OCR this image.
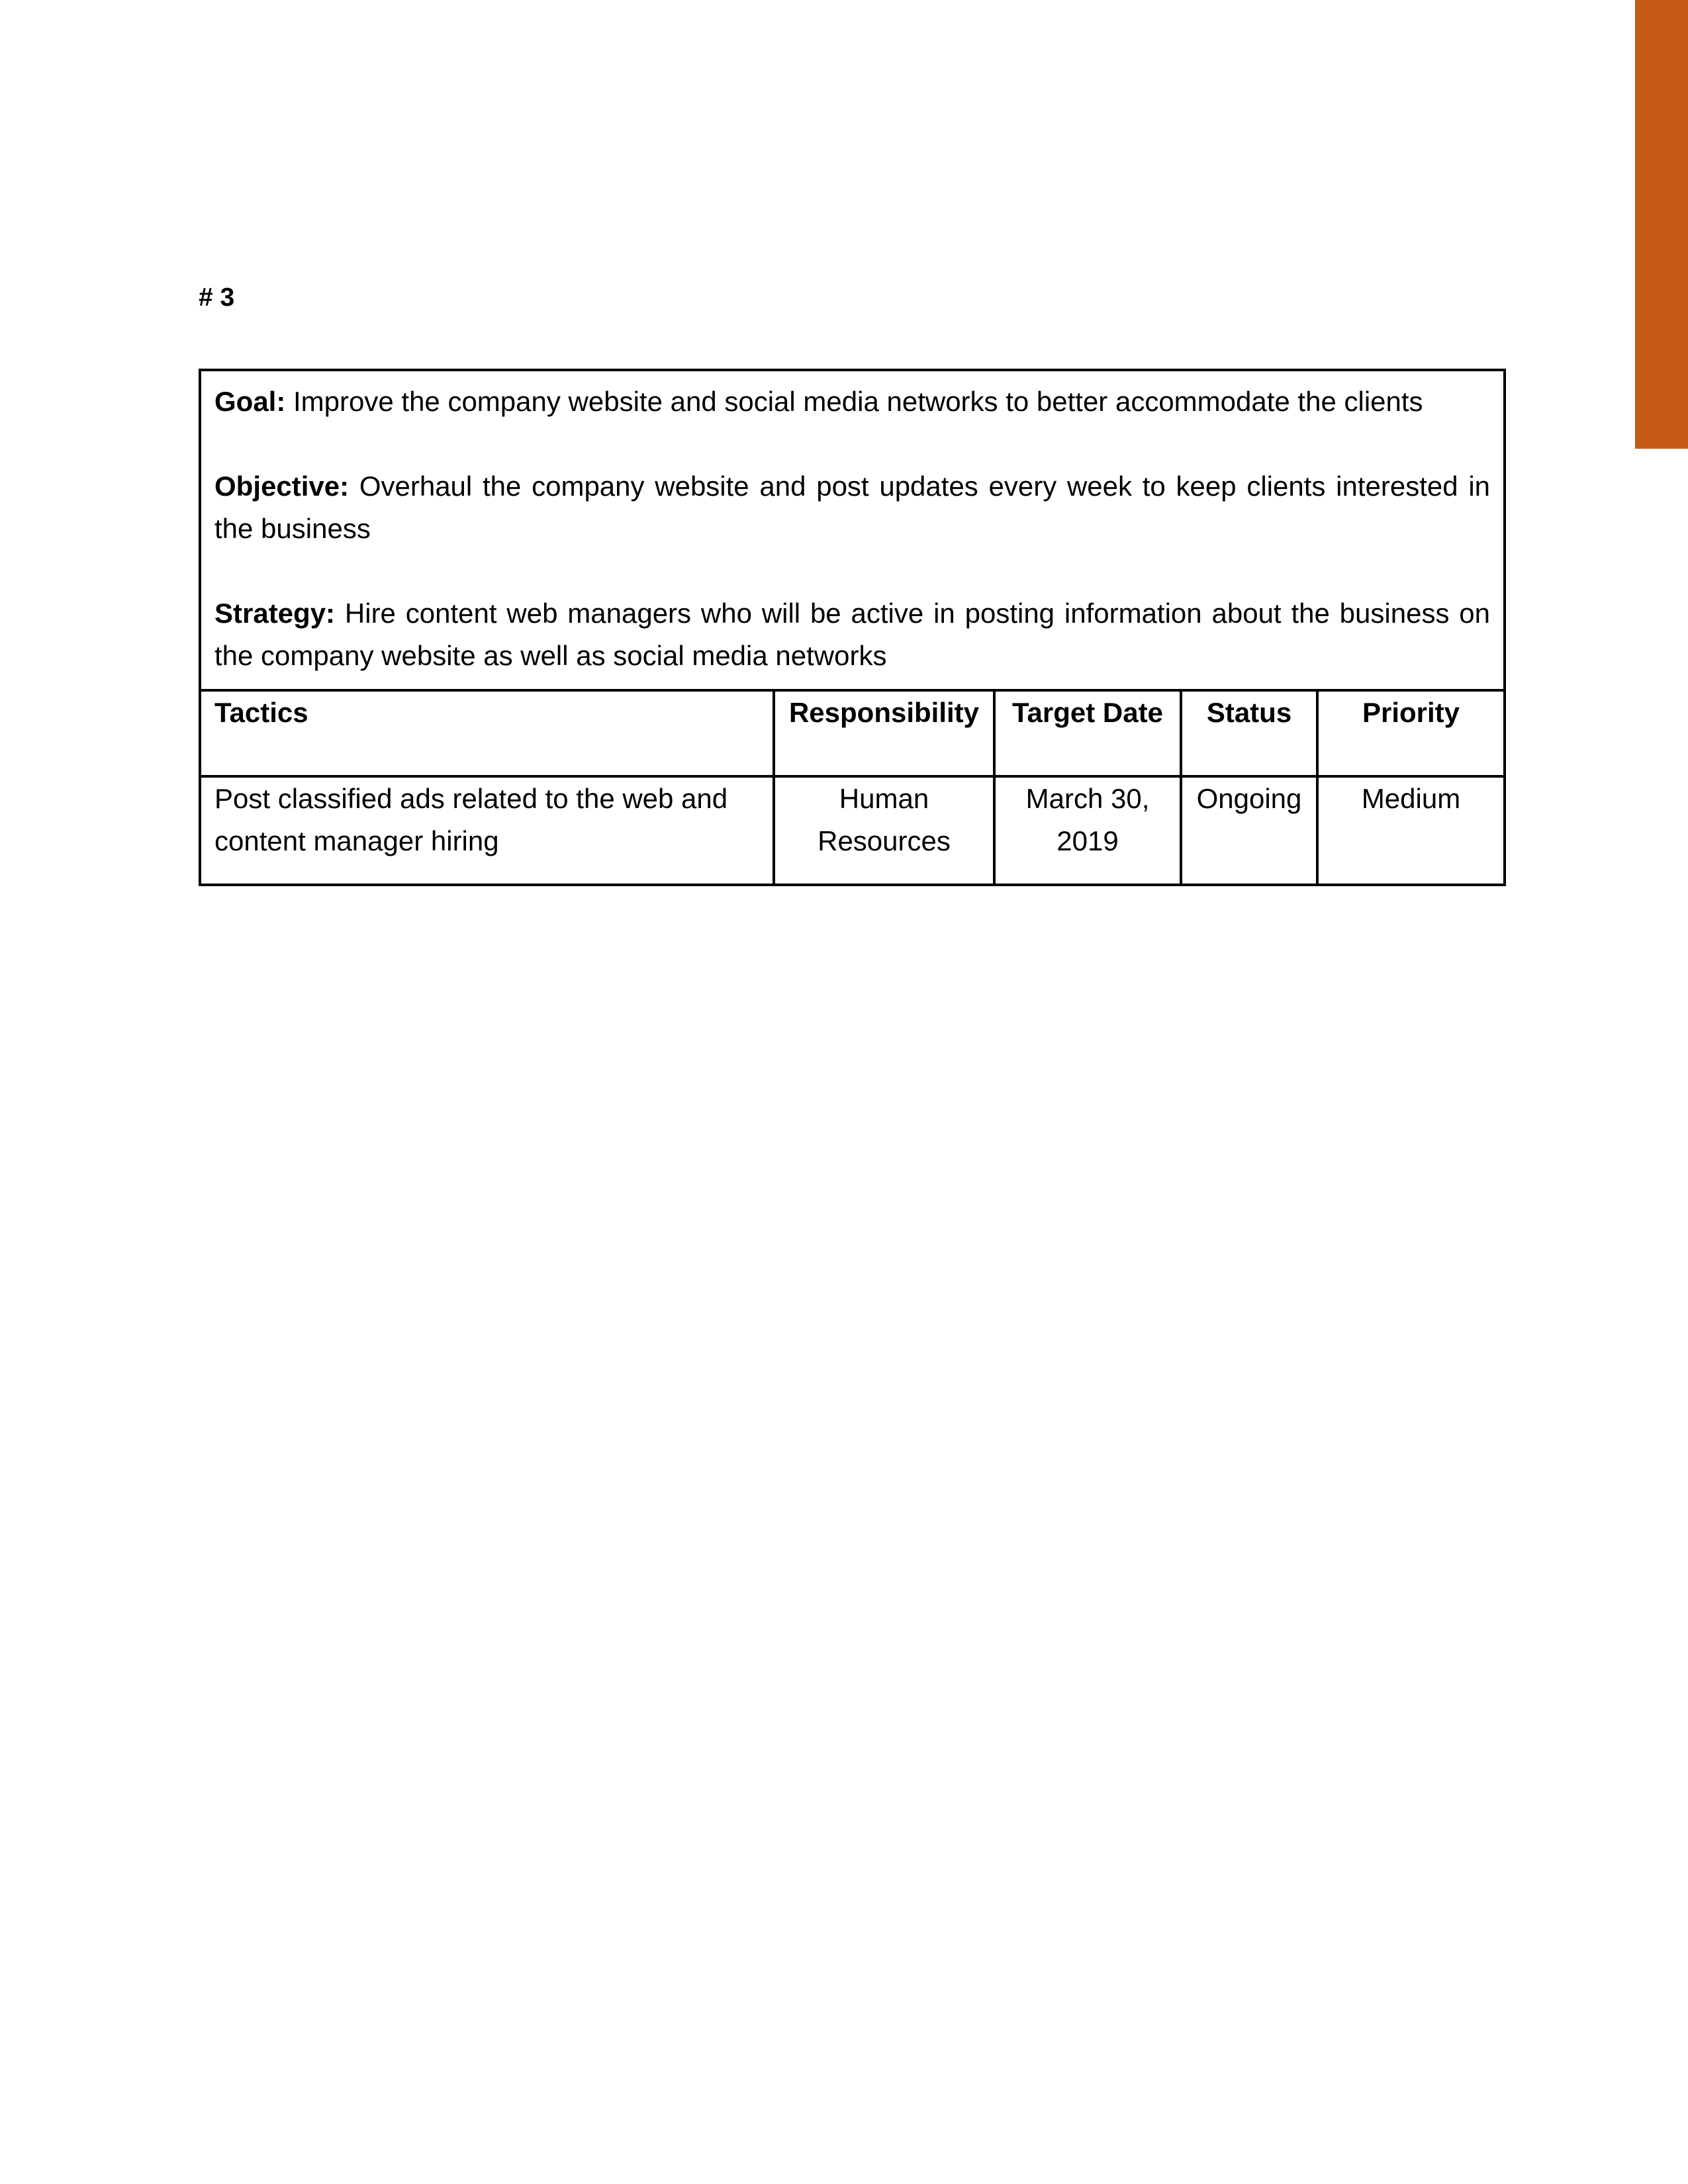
# 3

Goal: Improve the company website and social media networks to better accommodate the clients

Objective: Overhaul the company website and post updates every week to keep clients interested in the business

Strategy: Hire content web managers who will be active in posting information about the business on the company website as well as social media networks				

Tactics	Responsibility	Target Date	Status	Priority
Post classified ads related to the web and content manager hiring	Human Resources	March 30, 2019	Ongoing	Medium
